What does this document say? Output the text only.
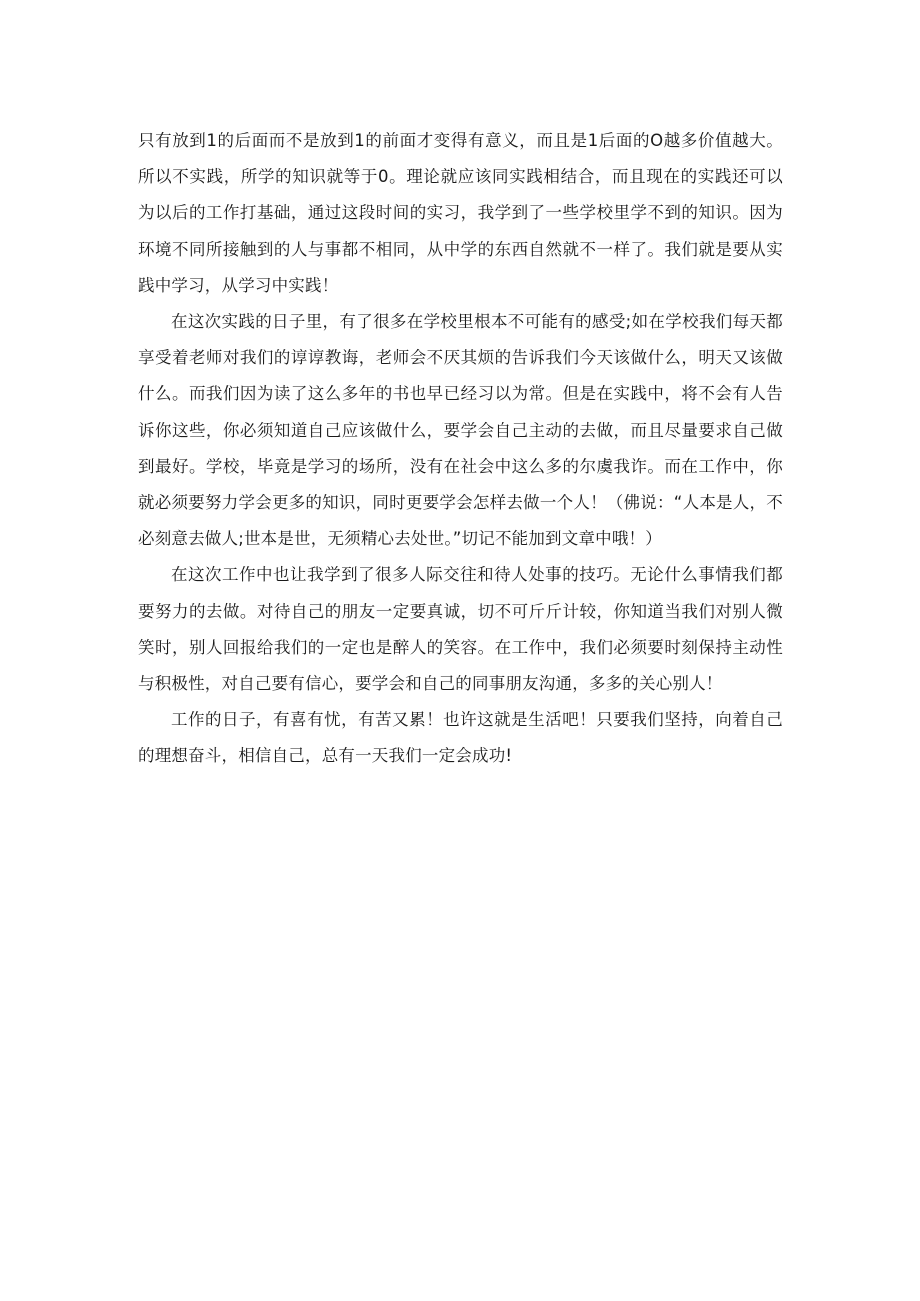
只有放到1的后面而不是放到1的前面才变得有意义，而且是1后面的O越多价值越大。所以不实践，所学的知识就等于0。理论就应该同实践相结合，而且现在的实践还可以为以后的工作打基础，通过这段时间的实习，我学到了一些学校里学不到的知识。因为环境不同所接触到的人与事都不相同，从中学的东西自然就不一样了。我们就是要从实践中学习，从学习中实践！

在这次实践的日子里，有了很多在学校里根本不可能有的感受;如在学校我们每天都享受着老师对我们的谆谆教诲，老师会不厌其烦的告诉我们今天该做什么，明天又该做什么。而我们因为读了这么多年的书也早已经习以为常。但是在实践中，将不会有人告诉你这些，你必须知道自己应该做什么，要学会自己主动的去做，而且尽量要求自己做到最好。学校，毕竟是学习的场所，没有在社会中这么多的尔虞我诈。而在工作中，你就必须要努力学会更多的知识，同时更要学会怎样去做一个人！（佛说：“人本是人，不必刻意去做人;世本是世，无须精心去处世。”切记不能加到文章中哦！）

在这次工作中也让我学到了很多人际交往和待人处事的技巧。无论什么事情我们都要努力的去做。对待自己的朋友一定要真诚，切不可斤斤计较，你知道当我们对别人微笑时，别人回报给我们的一定也是醉人的笑容。在工作中，我们必须要时刻保持主动性与积极性，对自己要有信心，要学会和自己的同事朋友沟通，多多的关心别人！

工作的日子，有喜有忧，有苦又累！也许这就是生活吧！只要我们坚持，向着自己的理想奋斗，相信自己，总有一天我们一定会成功!
